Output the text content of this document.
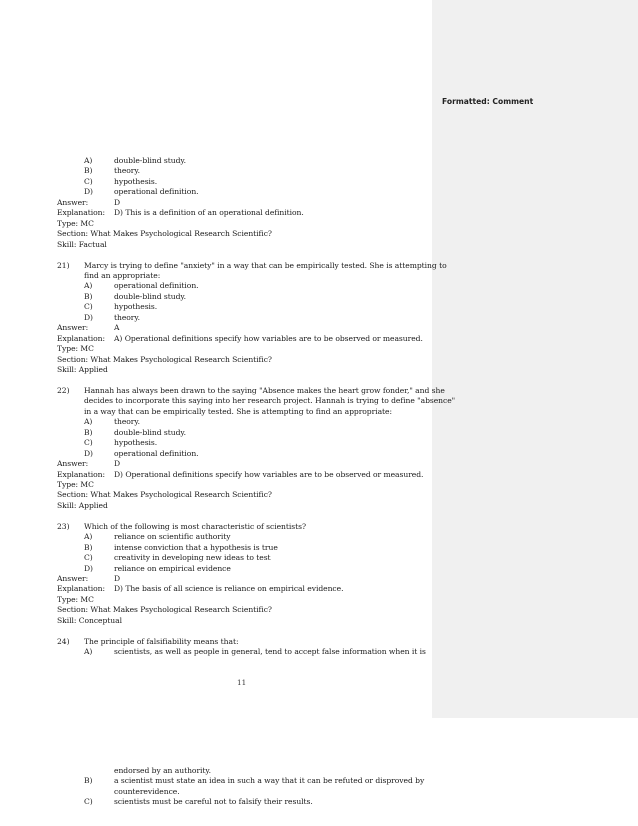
Formatted: Comment
A)	double-blind study.
B)	theory.
C)	hypothesis.
D)	operational definition.
Answer:	D
Explanation: D) This is a definition of an operational definition.
Type: MC
Section: What Makes Psychological Research Scientific?
Skill: Factual
21) Marcy is trying to define "anxiety" in a way that can be empirically tested. She is attempting to
find an appropriate:
A)	operational definition.
B)	double-blind study.
C)	hypothesis.
D)	theory.
Answer:	A
Explanation: A) Operational definitions specify how variables are to be observed or measured.
Type: MC
Section: What Makes Psychological Research Scientific?
Skill: Applied
22) Hannah has always been drawn to the saying "Absence makes the heart grow fonder," and she
decides to incorporate this saying into her research project. Hannah is trying to define "absence"
in a way that can be empirically tested. She is attempting to find an appropriate:
A)	theory.
B)	double-blind study.
C)	hypothesis.
D)	operational definition.
Answer:	D
Explanation: D) Operational definitions specify how variables are to be observed or measured.
Type: MC
Section: What Makes Psychological Research Scientific?
Skill: Applied
23) Which of the following is most characteristic of scientists?
A)	reliance on scientific authority
B)	intense conviction that a hypothesis is true
C)	creativity in developing new ideas to test
D)	reliance on empirical evidence
Answer:	D
Explanation: D) The basis of all science is reliance on empirical evidence.
Type: MC
Section: What Makes Psychological Research Scientific?
Skill: Conceptual
24) The principle of falsifiability means that:
A)	scientists, as well as people in general, tend to accept false information when it is
11
endorsed by an authority.
B)	a scientist must state an idea in such a way that it can be refuted or disproved by
counterevidence.
C)	scientists must be careful not to falsify their results.
